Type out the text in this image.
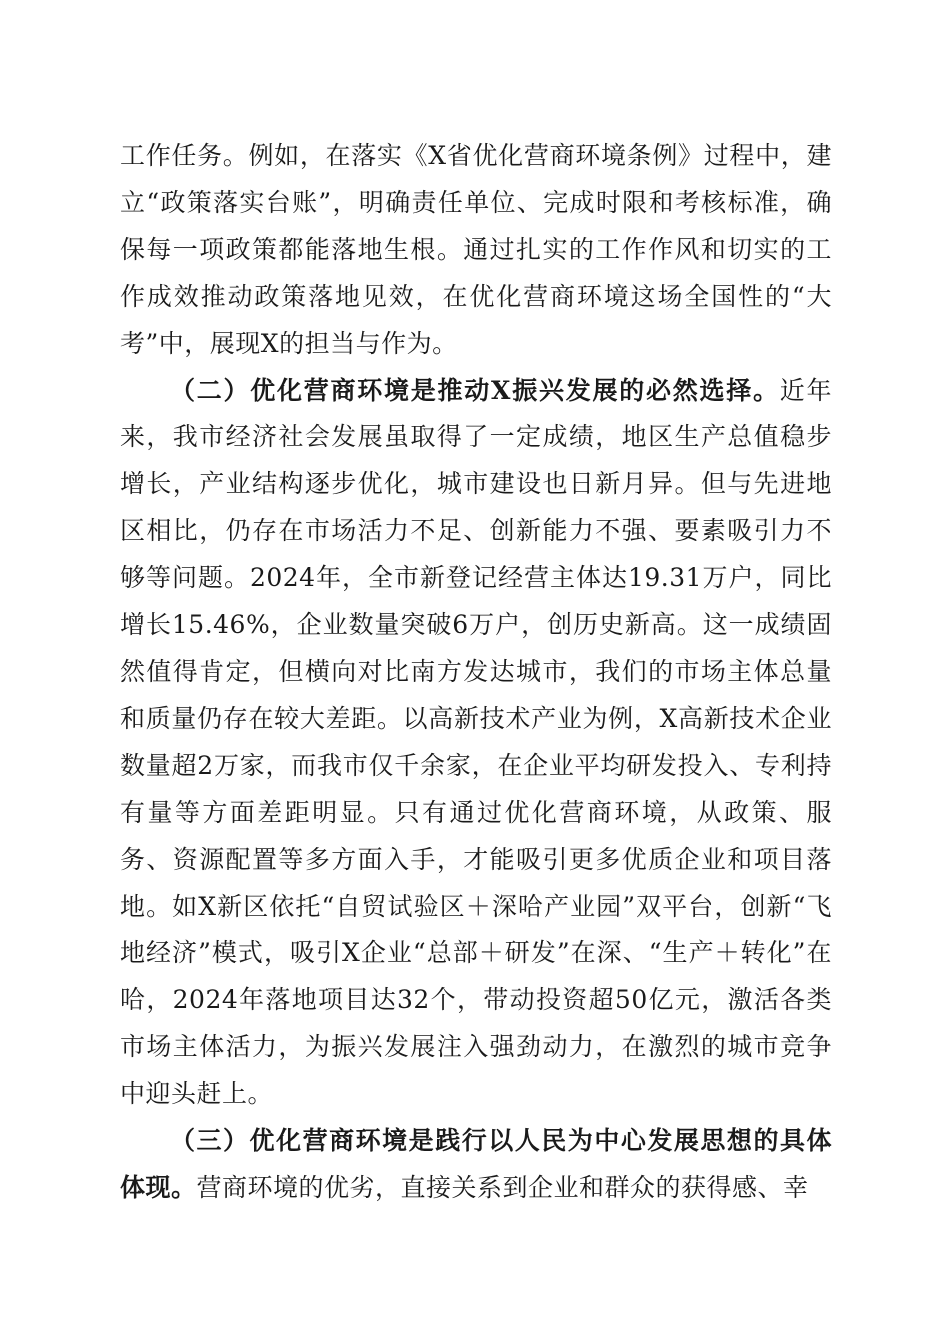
工作任务。例如，在落实《X省优化营商环境条例》过程中，建立“政策落实台账”，明确责任单位、完成时限和考核标准，确保每一项政策都能落地生根。通过扎实的工作作风和切实的工作成效推动政策落地见效，在优化营商环境这场全国性的“大考”中，展现X的担当与作为。

（二）优化营商环境是推动X振兴发展的必然选择。近年来，我市经济社会发展虽取得了一定成绩，地区生产总值稳步增长，产业结构逐步优化，城市建设也日新月异。但与先进地区相比，仍存在市场活力不足、创新能力不强、要素吸引力不够等问题。2024年，全市新登记经营主体达19.31万户，同比增长15.46%，企业数量突破6万户，创历史新高。这一成绩固然值得肯定，但横向对比南方发达城市，我们的市场主体总量和质量仍存在较大差距。以高新技术产业为例，X高新技术企业数量超2万家，而我市仅千余家，在企业平均研发投入、专利持有量等方面差距明显。只有通过优化营商环境，从政策、服务、资源配置等多方面入手，才能吸引更多优质企业和项目落地。如X新区依托“自贸试验区＋深哈产业园”双平台，创新“飞地经济”模式，吸引X企业“总部＋研发”在深、“生产＋转化”在哈，2024年落地项目达32个，带动投资超50亿元，激活各类市场主体活力，为振兴发展注入强劲动力，在激烈的城市竞争中迎头赶上。

（三）优化营商环境是践行以人民为中心发展思想的具体体现。营商环境的优劣，直接关系到企业和群众的获得感、幸
